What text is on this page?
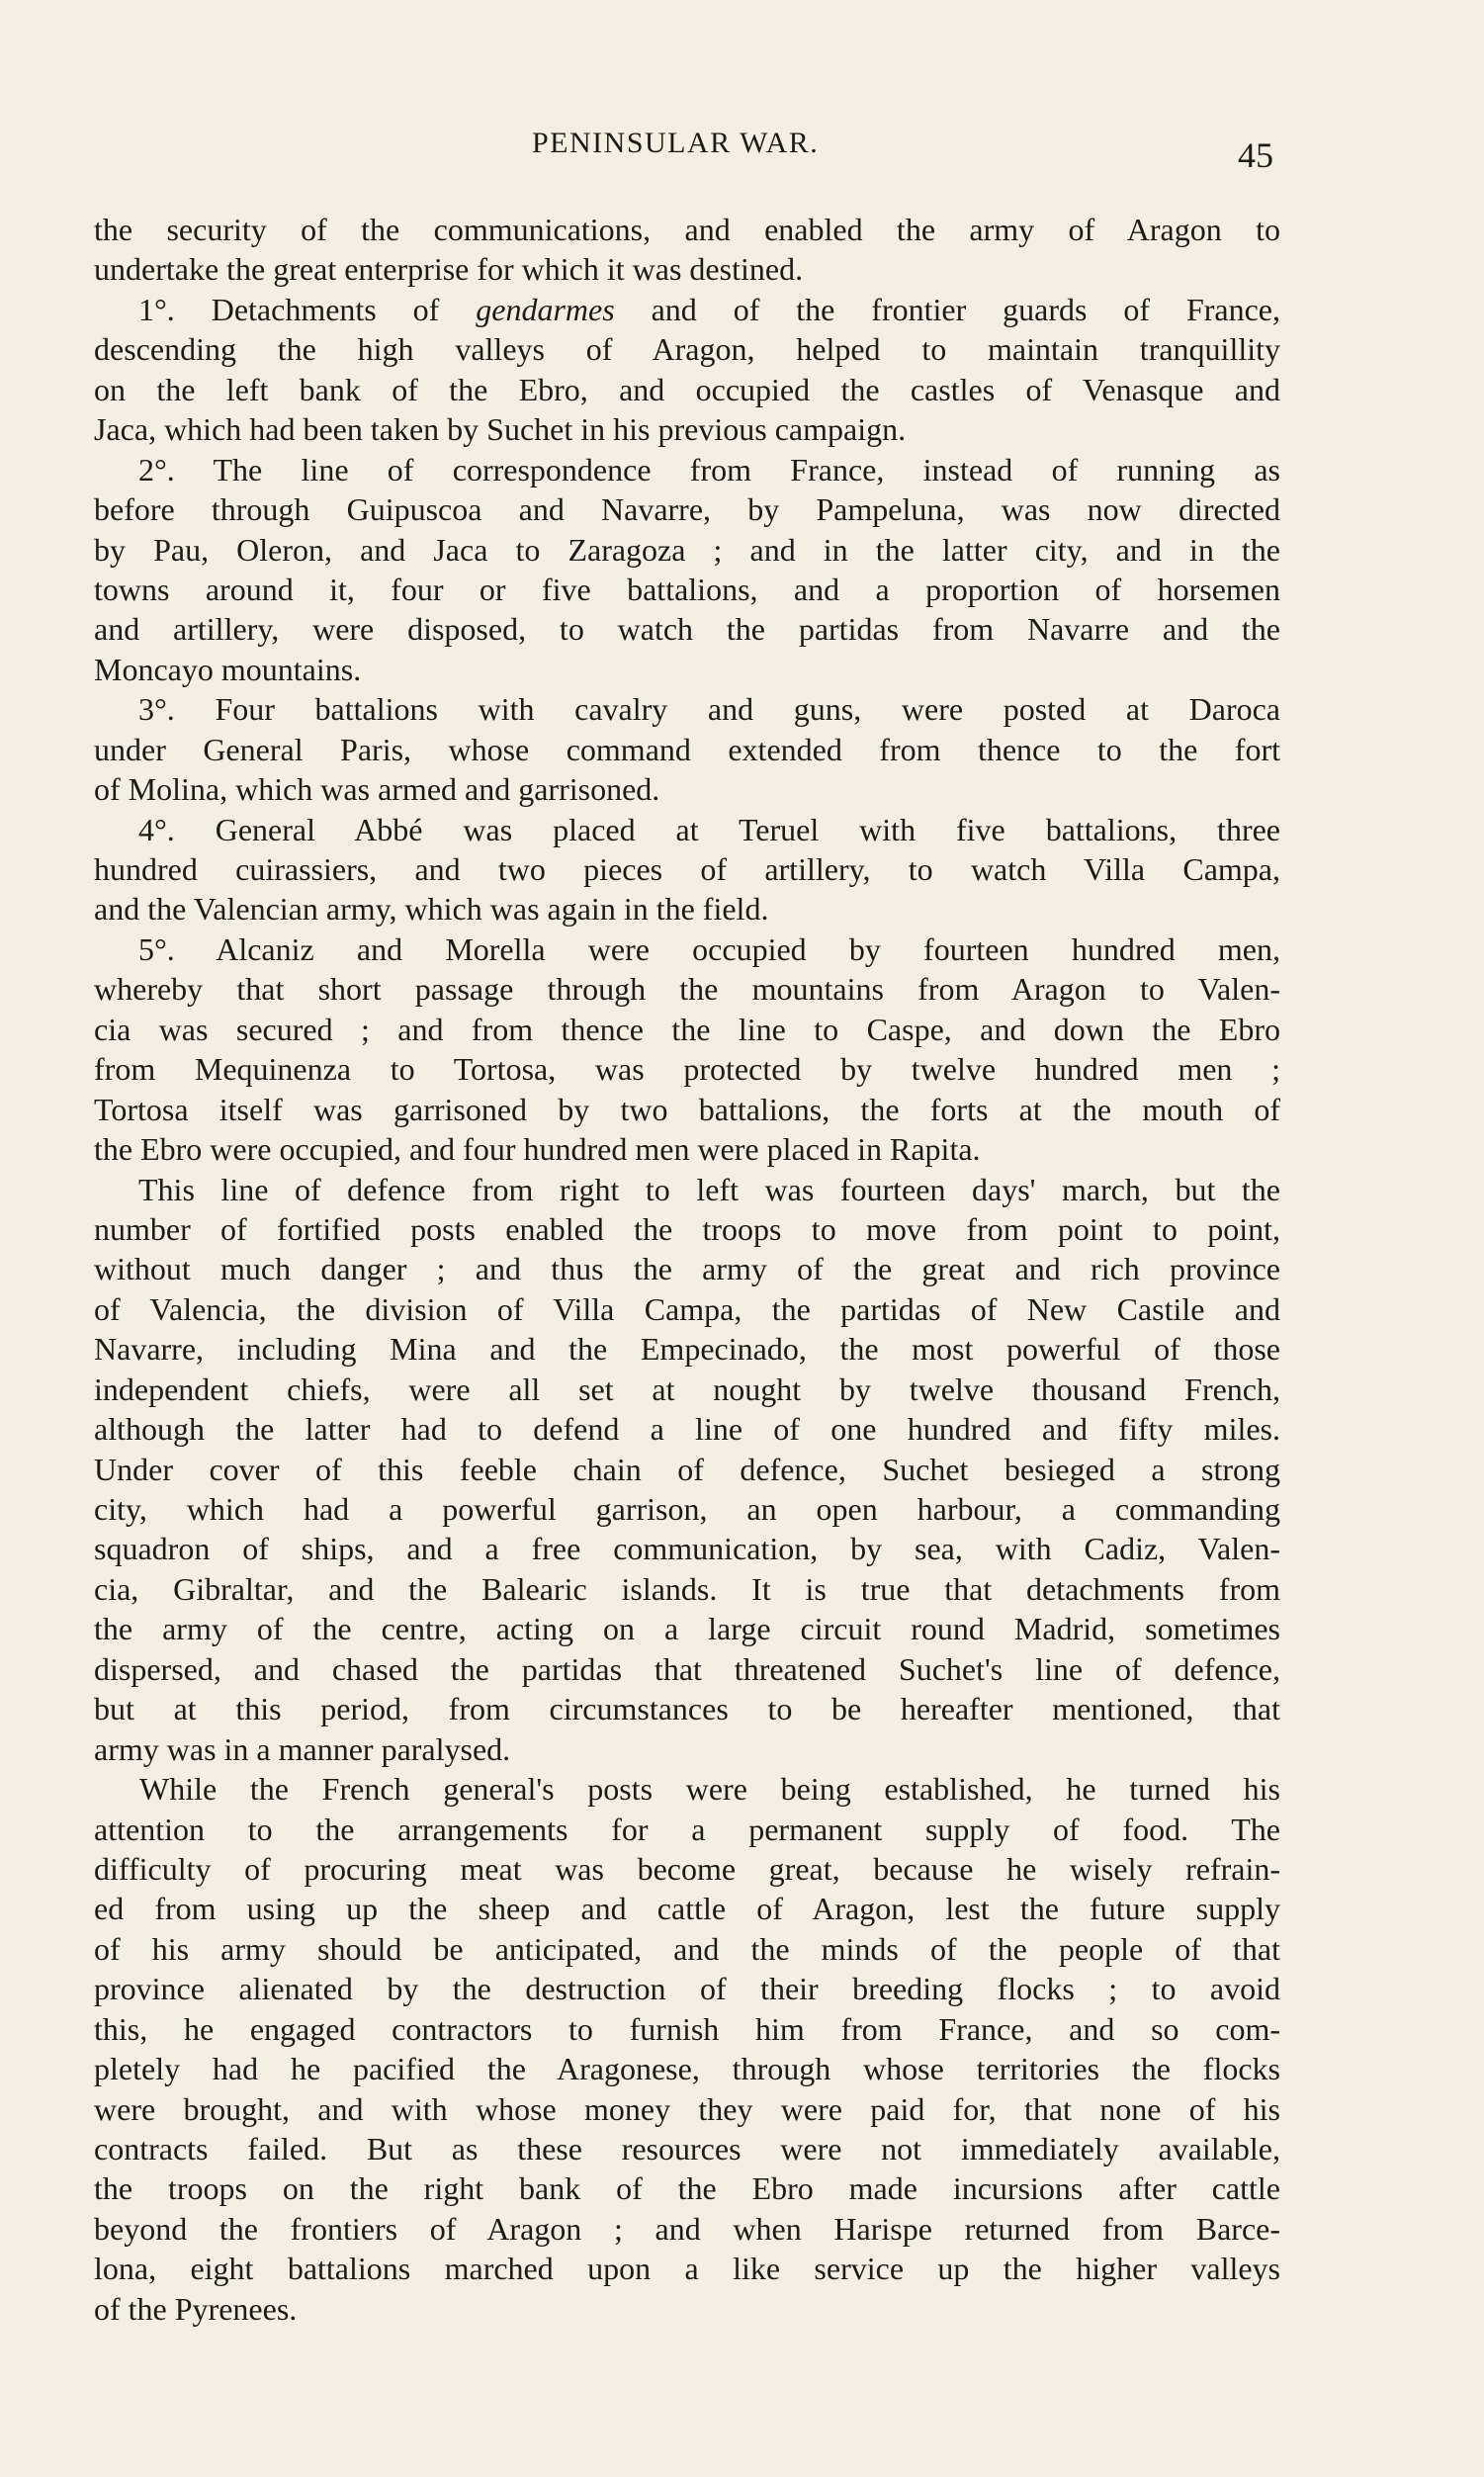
PENINSULAR WAR.	45
the security of the communications, and enabled the army of Aragon to
undertake the great enterprise for which it was destined.
1°. Detachments of gendarmes and of the frontier guards of France,
descending the high valleys of Aragon, helped to maintain tranquillity
on the left bank of the Ebro, and occupied the castles of Venasque and
Jaca, which had been taken by Suchet in his previous campaign.
2°. The line of correspondence from France, instead of running as
before through Guipuscoa and Navarre, by Pampeluna, was now directed
by Pau, Oleron, and Jaca to Zaragoza ; and in the latter city, and in the
towns around it, four or five battalions, and a proportion of horsemen
and artillery, were disposed, to watch the partidas from Navarre and the
Moncayo mountains.
3°. Four battalions with cavalry and guns, were posted at Daroca
under General Paris, whose command extended from thence to the fort
of Molina, which was armed and garrisoned.
4°. General Abbé was placed at Teruel with five battalions, three
hundred cuirassiers, and two pieces of artillery, to watch Villa Campa,
and the Valencian army, which was again in the field.
5°. Alcaniz and Morella were occupied by fourteen hundred men,
whereby that short passage through the mountains from Aragon to Valen-
cia was secured ; and from thence the line to Caspe, and down the Ebro
from Mequinenza to Tortosa, was protected by twelve hundred men ;
Tortosa itself was garrisoned by two battalions, the forts at the mouth of
the Ebro were occupied, and four hundred men were placed in Rapita.
This line of defence from right to left was fourteen days' march, but the
number of fortified posts enabled the troops to move from point to point,
without much danger ; and thus the army of the great and rich province
of Valencia, the division of Villa Campa, the partidas of New Castile and
Navarre, including Mina and the Empecinado, the most powerful of those
independent chiefs, were all set at nought by twelve thousand French,
although the latter had to defend a line of one hundred and fifty miles.
Under cover of this feeble chain of defence, Suchet besieged a strong
city, which had a powerful garrison, an open harbour, a commanding
squadron of ships, and a free communication, by sea, with Cadiz, Valen-
cia, Gibraltar, and the Balearic islands. It is true that detachments from
the army of the centre, acting on a large circuit round Madrid, sometimes
dispersed, and chased the partidas that threatened Suchet's line of defence,
but at this period, from circumstances to be hereafter mentioned, that
army was in a manner paralysed.
While the French general's posts were being established, he turned his
attention to the arrangements for a permanent supply of food. The
difficulty of procuring meat was become great, because he wisely refrain-
ed from using up the sheep and cattle of Aragon, lest the future supply
of his army should be anticipated, and the minds of the people of that
province alienated by the destruction of their breeding flocks ; to avoid
this, he engaged contractors to furnish him from France, and so com-
pletely had he pacified the Aragonese, through whose territories the flocks
were brought, and with whose money they were paid for, that none of his
contracts failed. But as these resources were not immediately available,
the troops on the right bank of the Ebro made incursions after cattle
beyond the frontiers of Aragon ; and when Harispe returned from Barce-
lona, eight battalions marched upon a like service up the higher valleys
of the Pyrenees.
